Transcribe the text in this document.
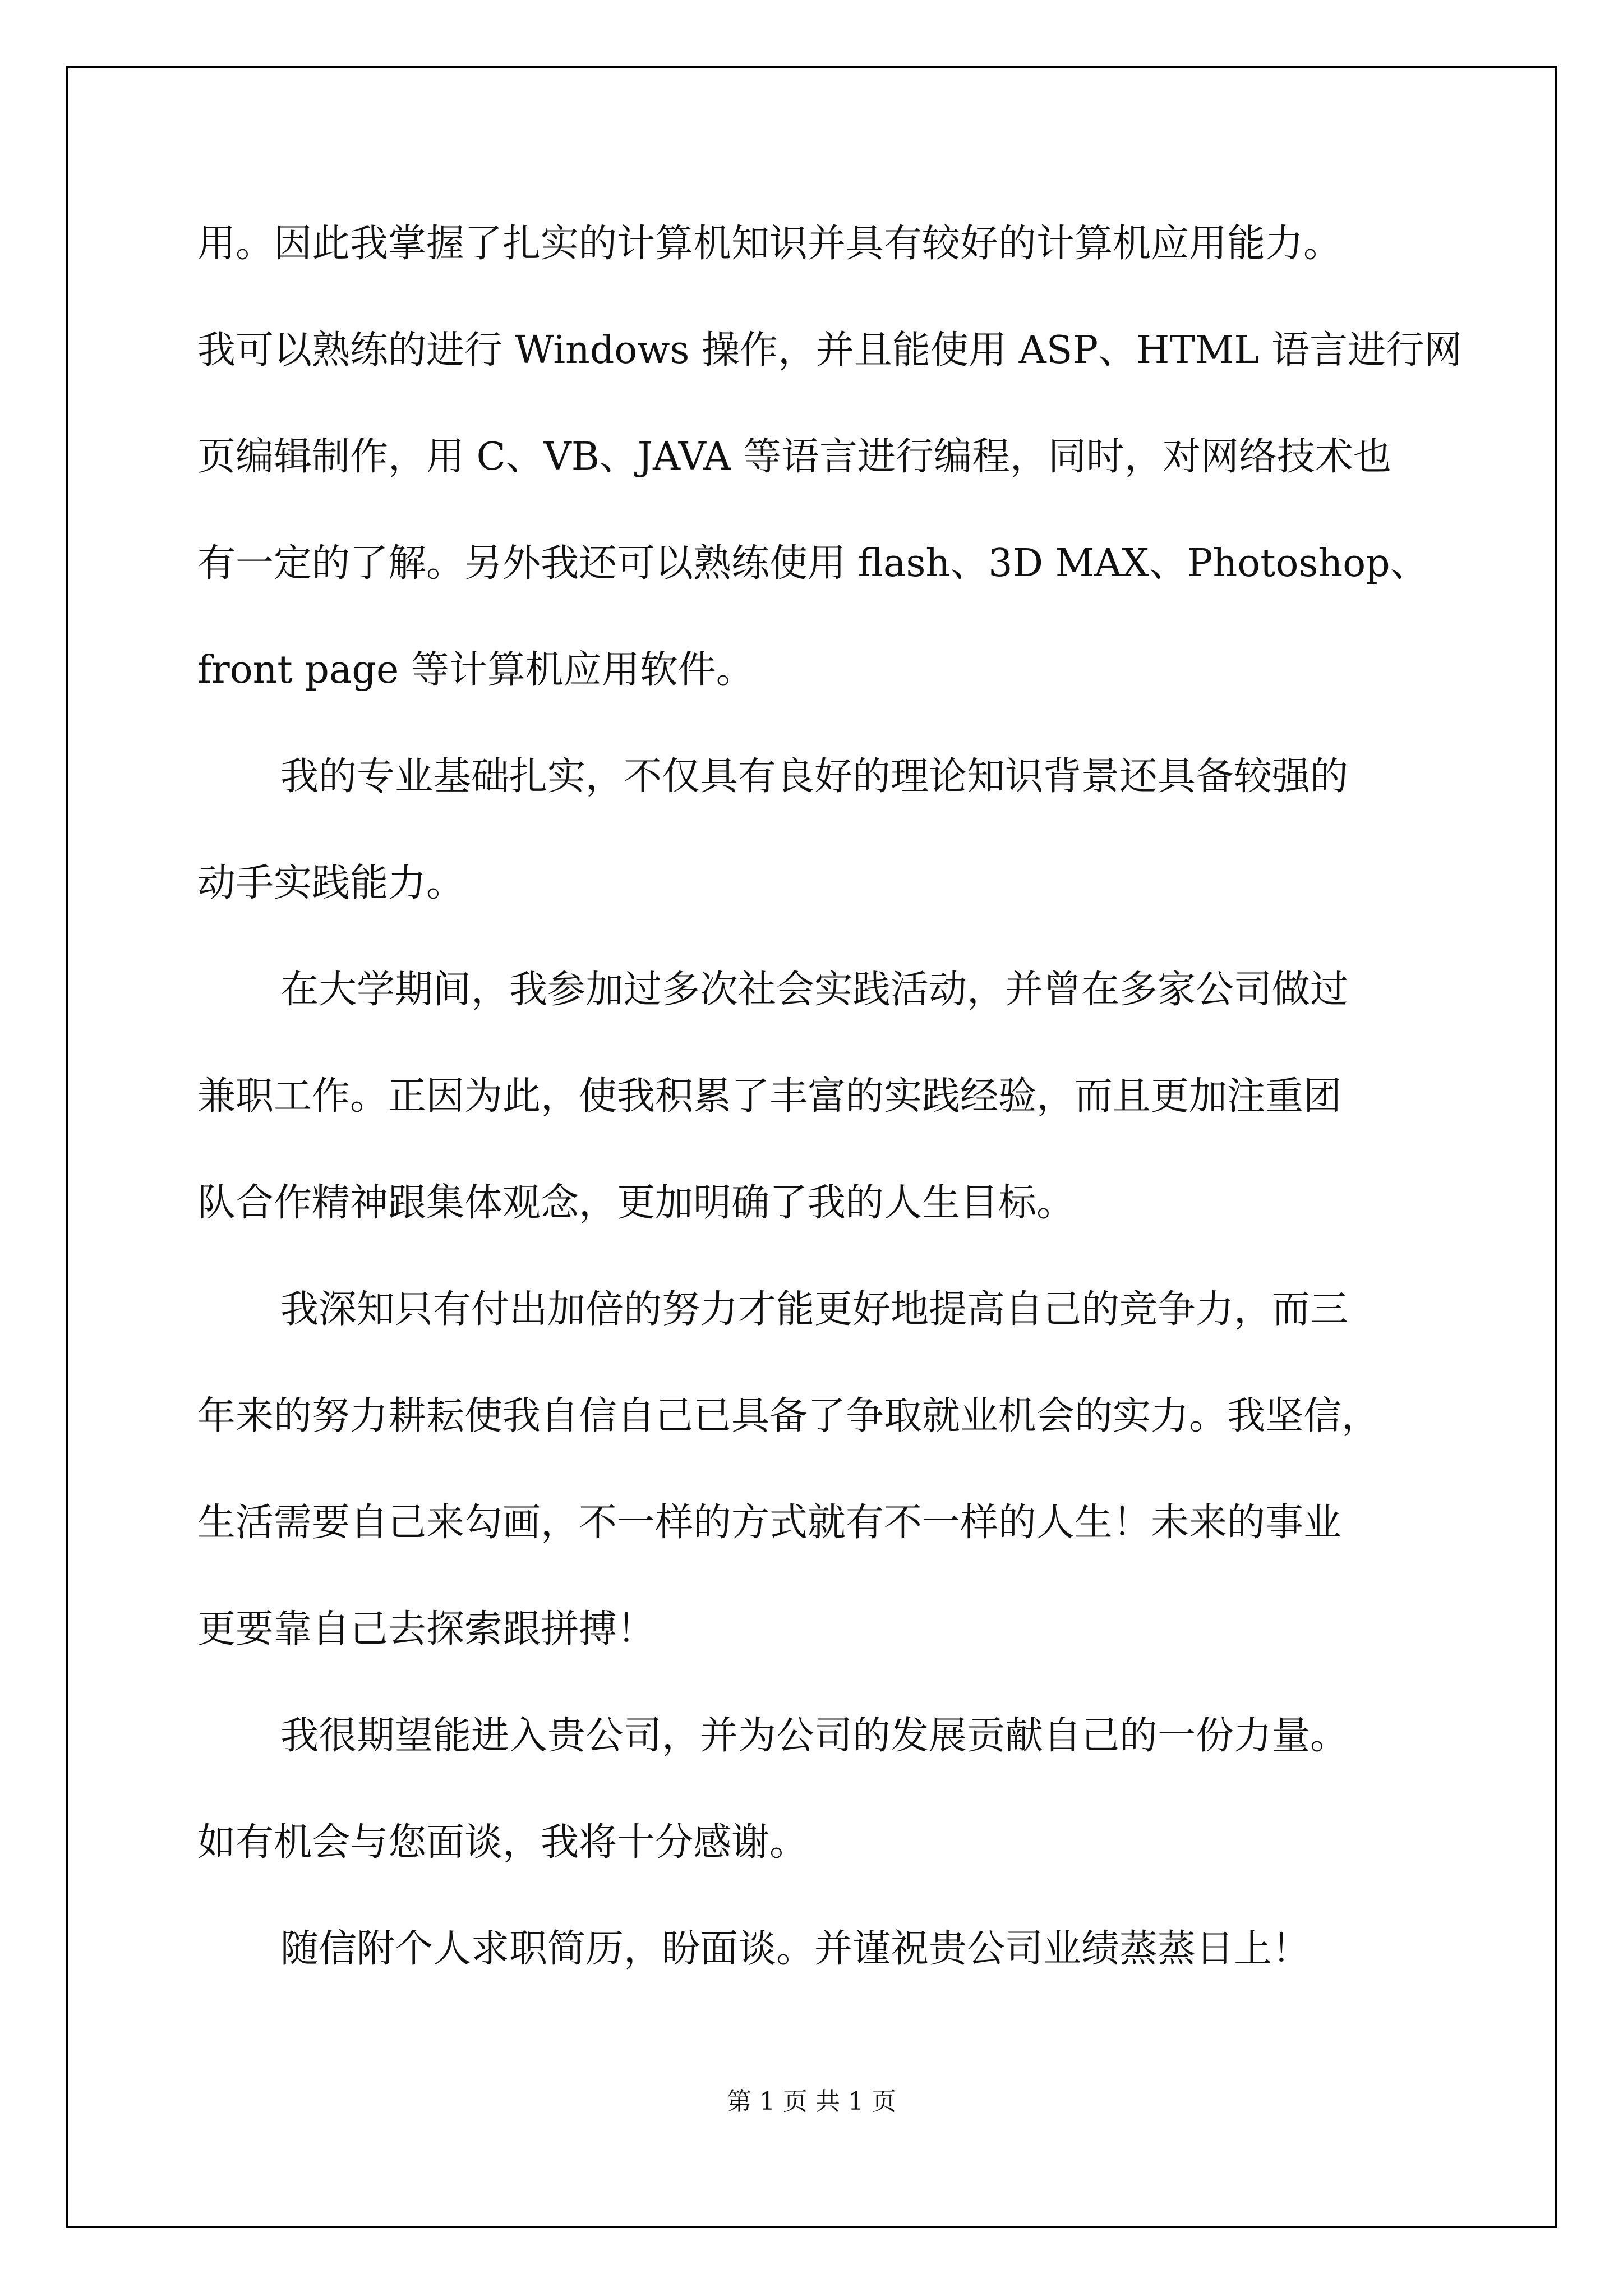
用。因此我掌握了扎实的计算机知识并具有较好的计算机应用能力。
我可以熟练的进行 Windows 操作，并且能使用 ASP、HTML 语言进行网
页编辑制作，用 C、VB、JAVA 等语言进行编程，同时，对网络技术也
有一定的了解。另外我还可以熟练使用 flash、3D MAX、Photoshop、
front page 等计算机应用软件。
我的专业基础扎实，不仅具有良好的理论知识背景还具备较强的
动手实践能力。
在大学期间，我参加过多次社会实践活动，并曾在多家公司做过
兼职工作。正因为此，使我积累了丰富的实践经验，而且更加注重团
队合作精神跟集体观念，更加明确了我的人生目标。
我深知只有付出加倍的努力才能更好地提高自己的竞争力，而三
年来的努力耕耘使我自信自己已具备了争取就业机会的实力。我坚信，
生活需要自己来勾画，不一样的方式就有不一样的人生！未来的事业
更要靠自己去探索跟拼搏！
我很期望能进入贵公司，并为公司的发展贡献自己的一份力量。
如有机会与您面谈，我将十分感谢。
随信附个人求职简历，盼面谈。并谨祝贵公司业绩蒸蒸日上！
第 1 页 共 1 页
